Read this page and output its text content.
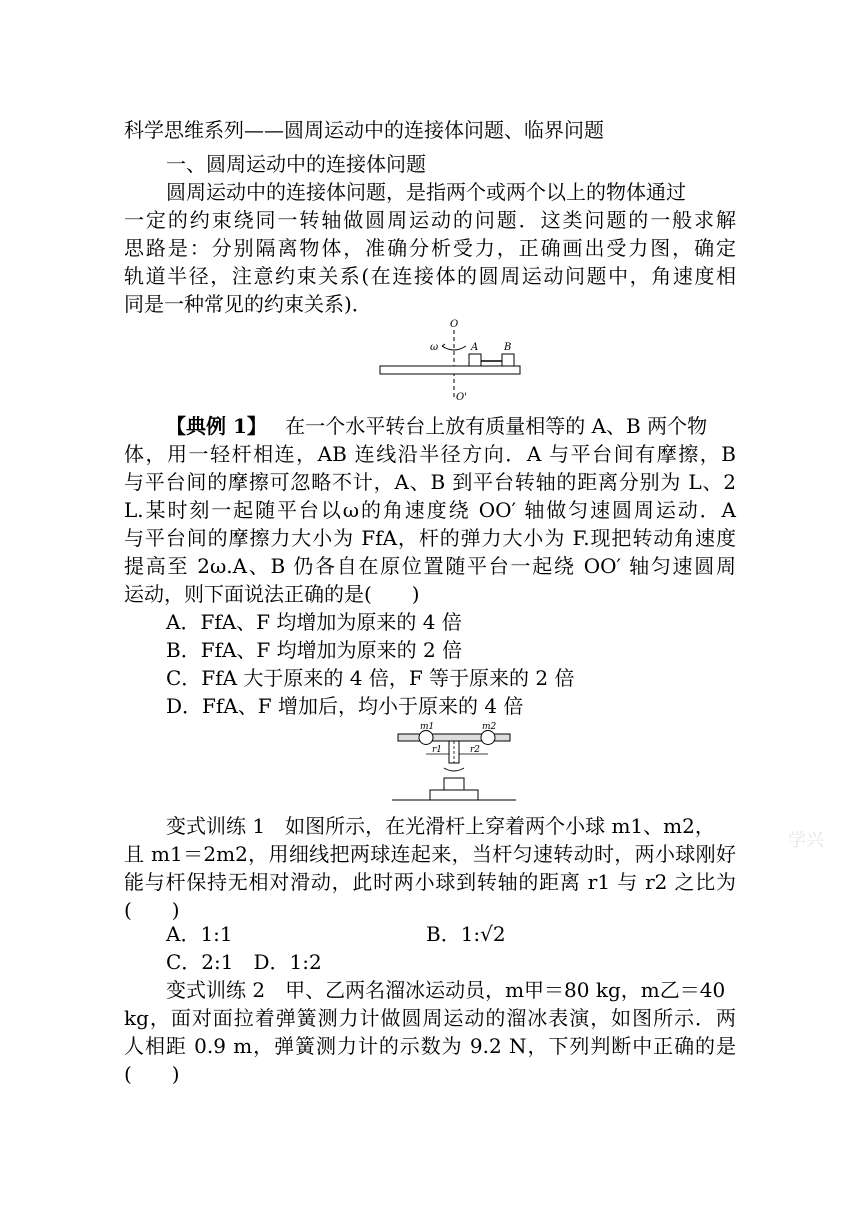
科学思维系列——圆周运动中的连接体问题、临界问题
一、圆周运动中的连接体问题
圆周运动中的连接体问题，是指两个或两个以上的物体通过
一定的约束绕同一转轴做圆周运动的问题．这类问题的一般求解
思路是：分别隔离物体，准确分析受力，正确画出受力图，确定
轨道半径，注意约束关系(在连接体的圆周运动问题中，角速度相
同是一种常见的约束关系)．
O
O'
ω	A	B
【典例 1】 在一个水平转台上放有质量相等的 A、B 两个物
体，用一轻杆相连，AB 连线沿半径方向．A 与平台间有摩擦，B
与平台间的摩擦可忽略不计，A、B 到平台转轴的距离分别为 L、2
L.某时刻一起随平台以ω的角速度绕 OO′ 轴做匀速圆周运动．A
与平台间的摩擦力大小为 FfA，杆的弹力大小为 F.现把转动角速度
提高至 2ω.A、B 仍各自在原位置随平台一起绕 OO′ 轴匀速圆周
运动，则下面说法正确的是(　　)
A．FfA、F 均增加为原来的 4 倍
B．FfA、F 均增加为原来的 2 倍
C．FfA 大于原来的 4 倍，F 等于原来的 2 倍
D．FfA、F 增加后，均小于原来的 4 倍
m1	m2
r1	r2
变式训练 1　如图所示，在光滑杆上穿着两个小球 m1、m2，
且 m1＝2m2，用细线把两球连起来，当杆匀速转动时，两小球刚好
能与杆保持无相对滑动，此时两小球到转轴的距离 r1 与 r2 之比为
(　　)
A．1:1	B．1:√2
C．2:1　D．1:2
变式训练 2　甲、乙两名溜冰运动员，m甲＝80 kg，m乙＝40
kg，面对面拉着弹簧测力计做圆周运动的溜冰表演，如图所示．两
人相距 0.9 m，弹簧测力计的示数为 9.2 N，下列判断中正确的是
(　　)
学兴
